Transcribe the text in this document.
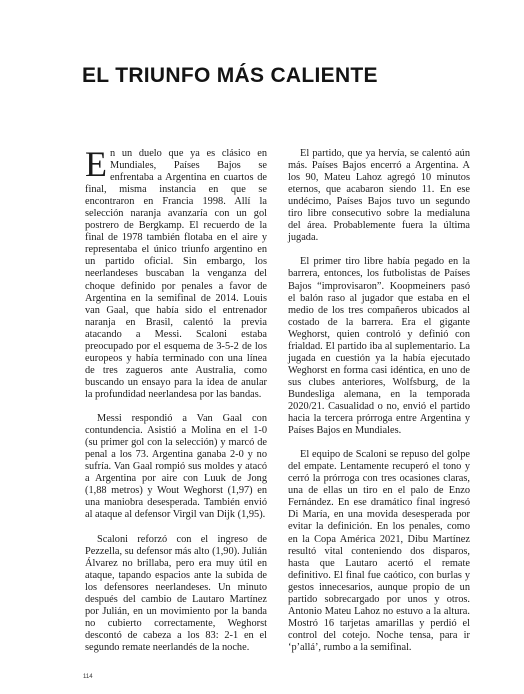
EL TRIUNFO MÁS CALIENTE

En un duelo que ya es clásico en Mundiales, Países Bajos se enfrentaba a Argentina en cuartos de final, misma instancia en que se encontraron en Francia 1998. Allí la selección naranja avanzaría con un gol postrero de Bergkamp. El recuerdo de la final de 1978 también flotaba en el aire y representaba el único triunfo argentino en un partido oficial. Sin embargo, los neerlandeses buscaban la venganza del choque definido por penales a favor de Argentina en la semifinal de 2014. Louis van Gaal, que había sido el entrenador naranja en Brasil, calentó la previa atacando a Messi. Scaloni estaba preocupado por el esquema de 3-5-2 de los europeos y había terminado con una línea de tres zagueros ante Australia, como buscando un ensayo para la idea de anular la profundidad neerlandesa por las bandas.

Messi respondió a Van Gaal con contundencia. Asistió a Molina en el 1-0 (su primer gol con la selección) y marcó de penal a los 73. Argentina ganaba 2-0 y no sufría. Van Gaal rompió sus moldes y atacó a Argentina por aire con Luuk de Jong (1,88 metros) y Wout Weghorst (1,97) en una maniobra desesperada. También envió al ataque al defensor Virgil van Dijk (1,95).

Scaloni reforzó con el ingreso de Pezzella, su defensor más alto (1,90). Julián Álvarez no brillaba, pero era muy útil en ataque, tapando espacios ante la subida de los defensores neerlandeses. Un minuto después del cambio de Lautaro Martínez por Julián, en un movimiento por la banda no cubierto correctamente, Weghorst descontó de cabeza a los 83: 2-1 en el segundo remate neerlandés de la noche.

El partido, que ya hervía, se calentó aún más. Países Bajos encerró a Argentina. A los 90, Mateu Lahoz agregó 10 minutos eternos, que acabaron siendo 11. En ese undécimo, Países Bajos tuvo un segundo tiro libre consecutivo sobre la medialuna del área. Probablemente fuera la última jugada.

El primer tiro libre había pegado en la barrera, entonces, los futbolistas de Países Bajos “improvisaron”. Koopmeiners pasó el balón raso al jugador que estaba en el medio de los tres compañeros ubicados al costado de la barrera. Era el gigante Weghorst, quien controló y definió con frialdad. El partido iba al suplementario. La jugada en cuestión ya la había ejecutado Weghorst en forma casi idéntica, en uno de sus clubes anteriores, Wolfsburg, de la Bundesliga alemana, en la temporada 2020/21. Casualidad o no, envió el partido hacia la tercera prórroga entre Argentina y Países Bajos en Mundiales.

El equipo de Scaloni se repuso del golpe del empate. Lentamente recuperó el tono y cerró la prórroga con tres ocasiones claras, una de ellas un tiro en el palo de Enzo Fernández. En ese dramático final ingresó Di María, en una movida desesperada por evitar la definición. En los penales, como en la Copa América 2021, Dibu Martínez resultó vital conteniendo dos disparos, hasta que Lautaro acertó el remate definitivo. El final fue caótico, con burlas y gestos innecesarios, aunque propio de un partido sobrecargado por unos y otros. Antonio Mateu Lahoz no estuvo a la altura. Mostró 16 tarjetas amarillas y perdió el control del cotejo. Noche tensa, para ir ‘p’allá’, rumbo a la semifinal.

114
